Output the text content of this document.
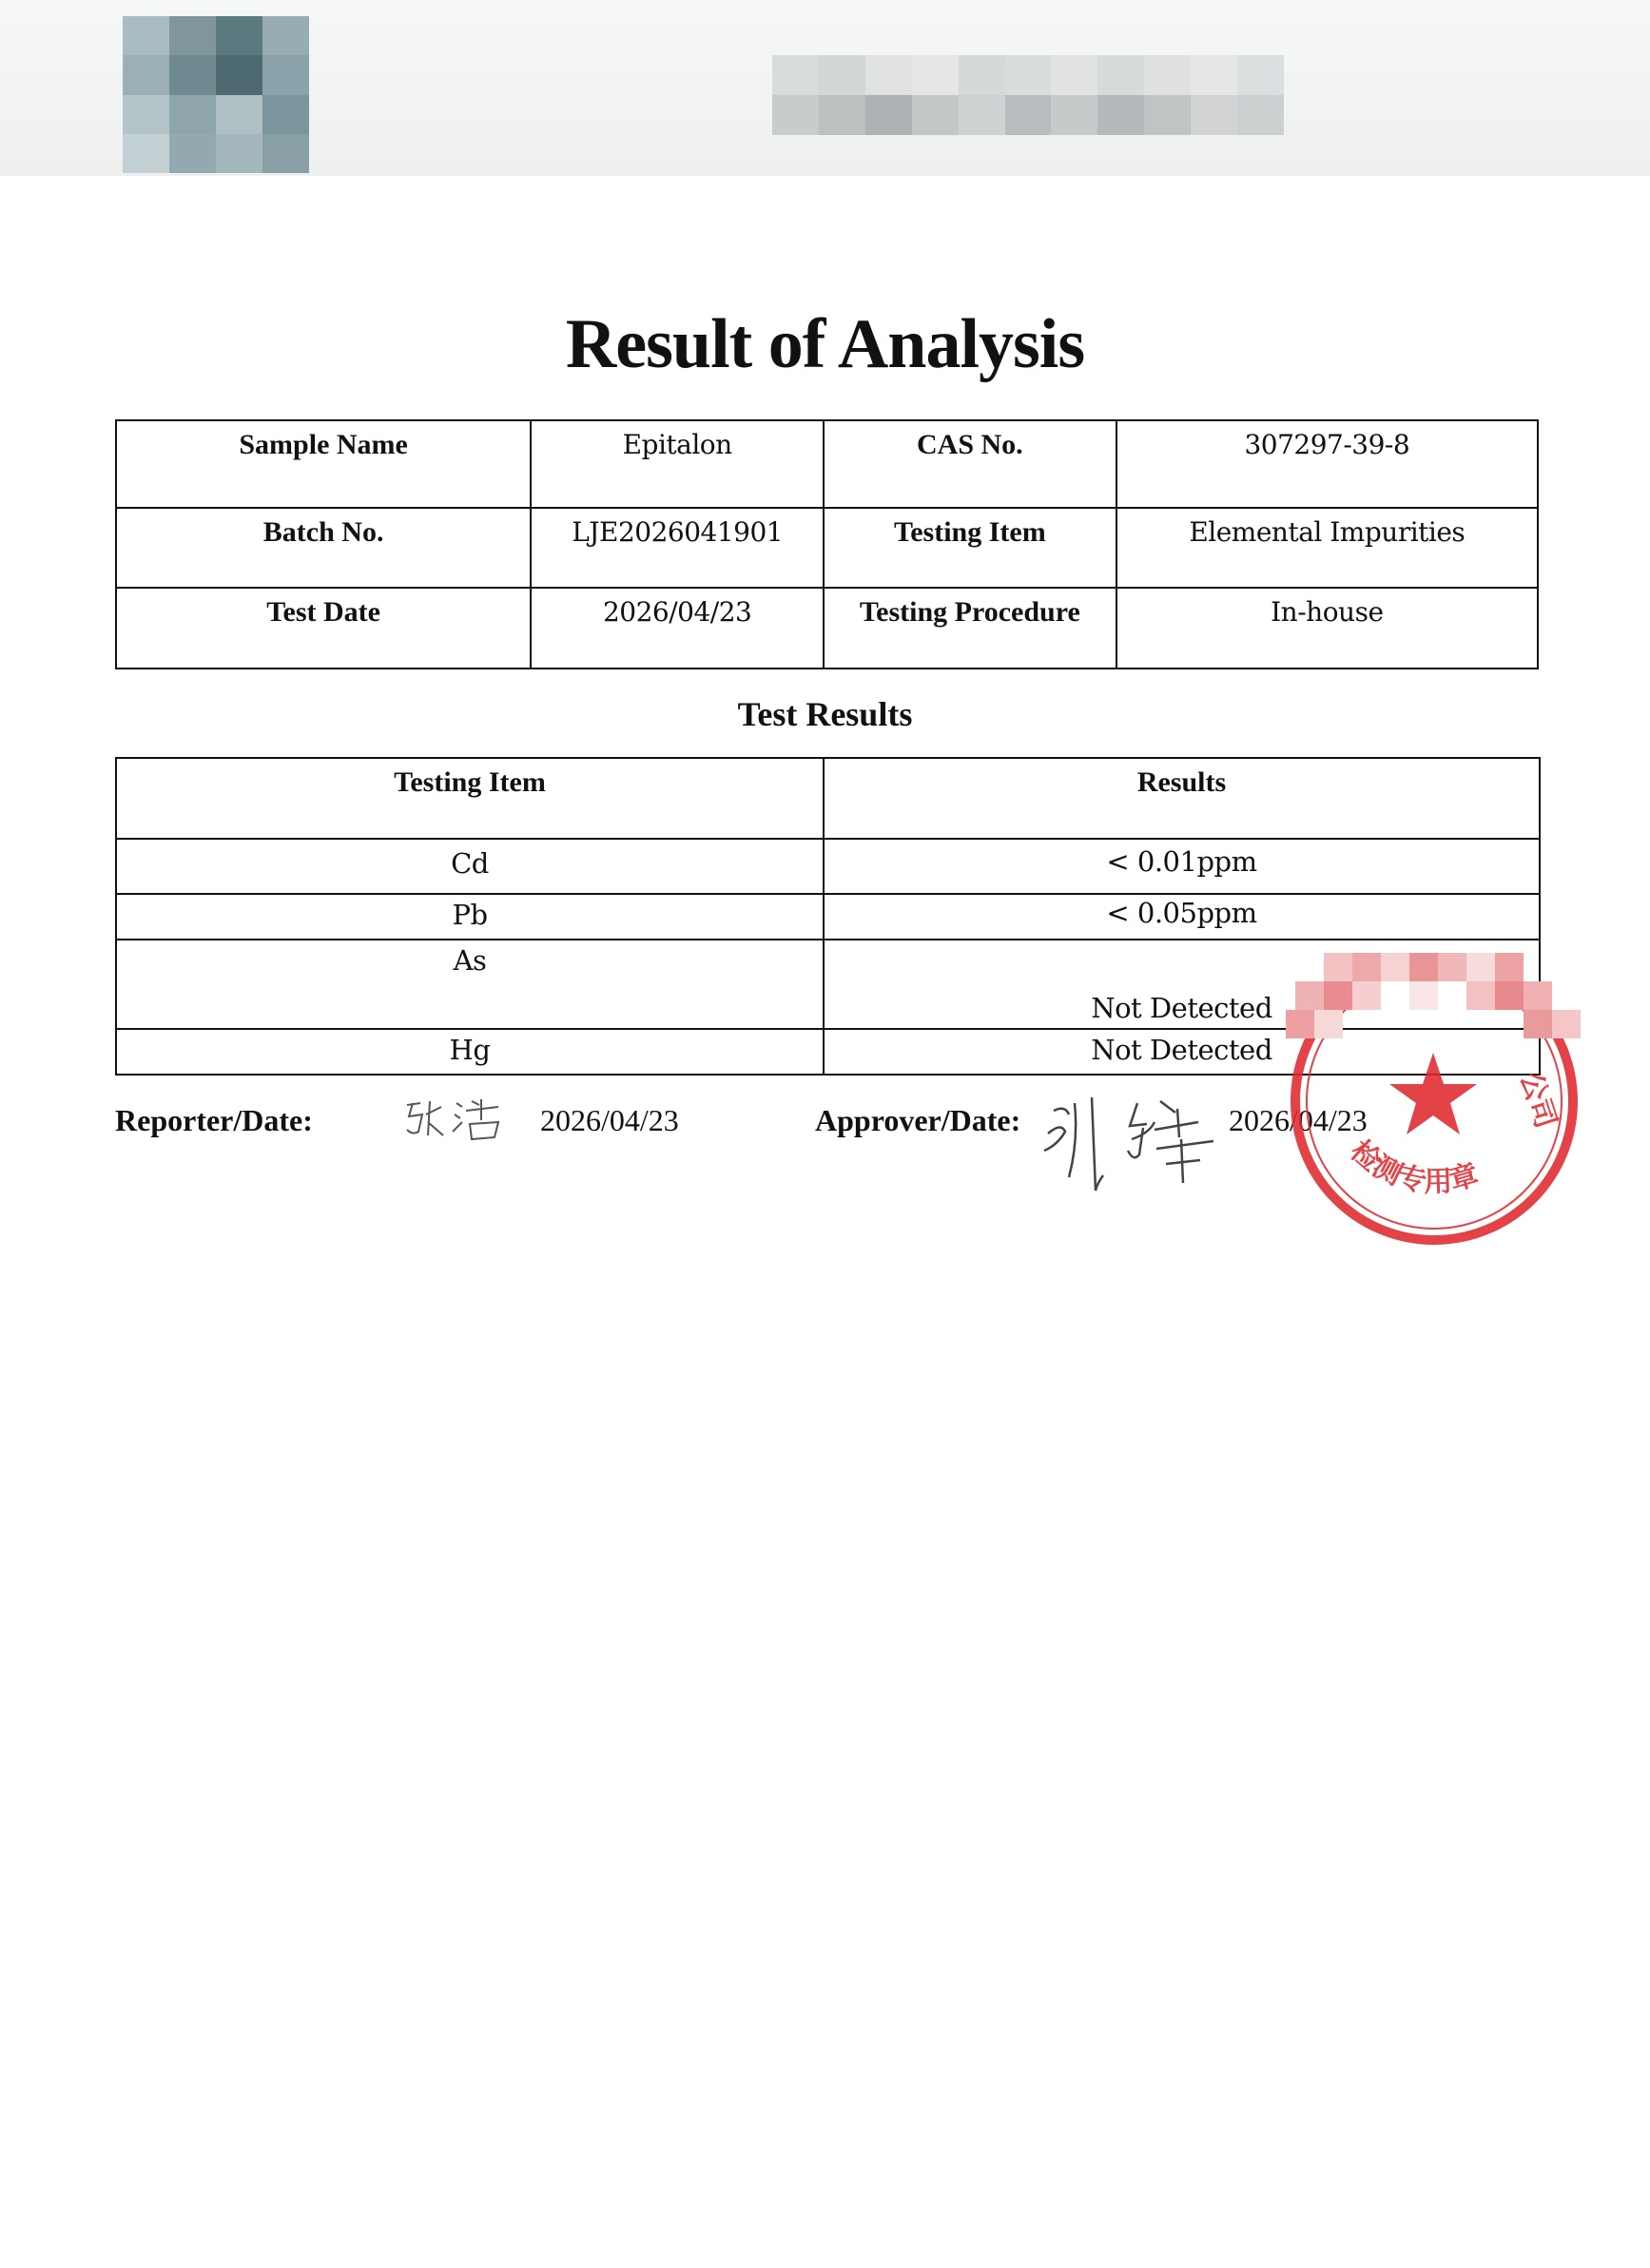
Result of Analysis
Sample Name	Epitalon	CAS No.	307297-39-8
Batch No.	LJE2026041901	Testing Item	Elemental Impurities
Test Date	2026/04/23	Testing Procedure	In-house
Test Results
Testing Item	Results
Cd	< 0.01ppm
Pb	< 0.05ppm
As	Not Detected
Hg	Not Detected
Reporter/Date:	2026/04/23	Approver/Date:	2026/04/23
检测专用章
公司
